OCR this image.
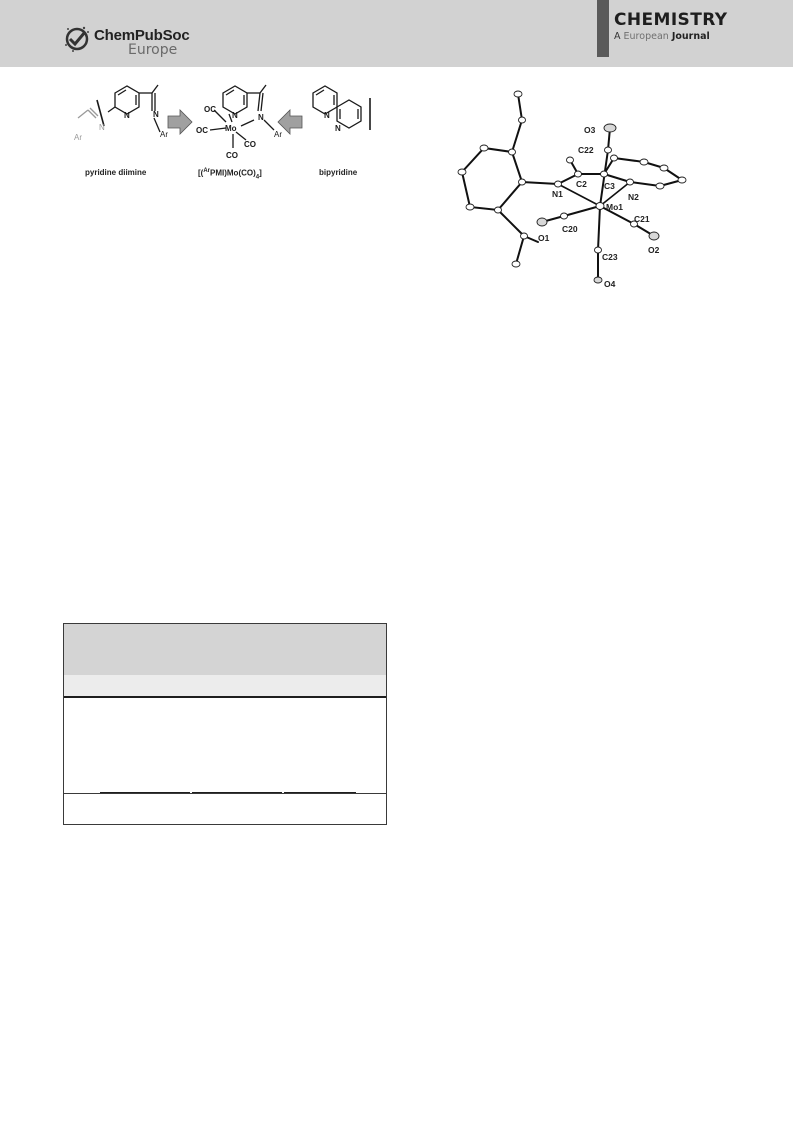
ChemPubSoc
Europe
CHEMISTRY
A European Journal
N	N
Ar
N
Ar
N	N
Ar
Mo
OC
OC
CO
CO
N
N
pyridine diimine	$[(^{Ar}PMI)Mo(CO)_4]$	bipyridine
O3
C22
C2 C3
N1	N2
Mo1
C21
O1
C20
O2
C23
O4
